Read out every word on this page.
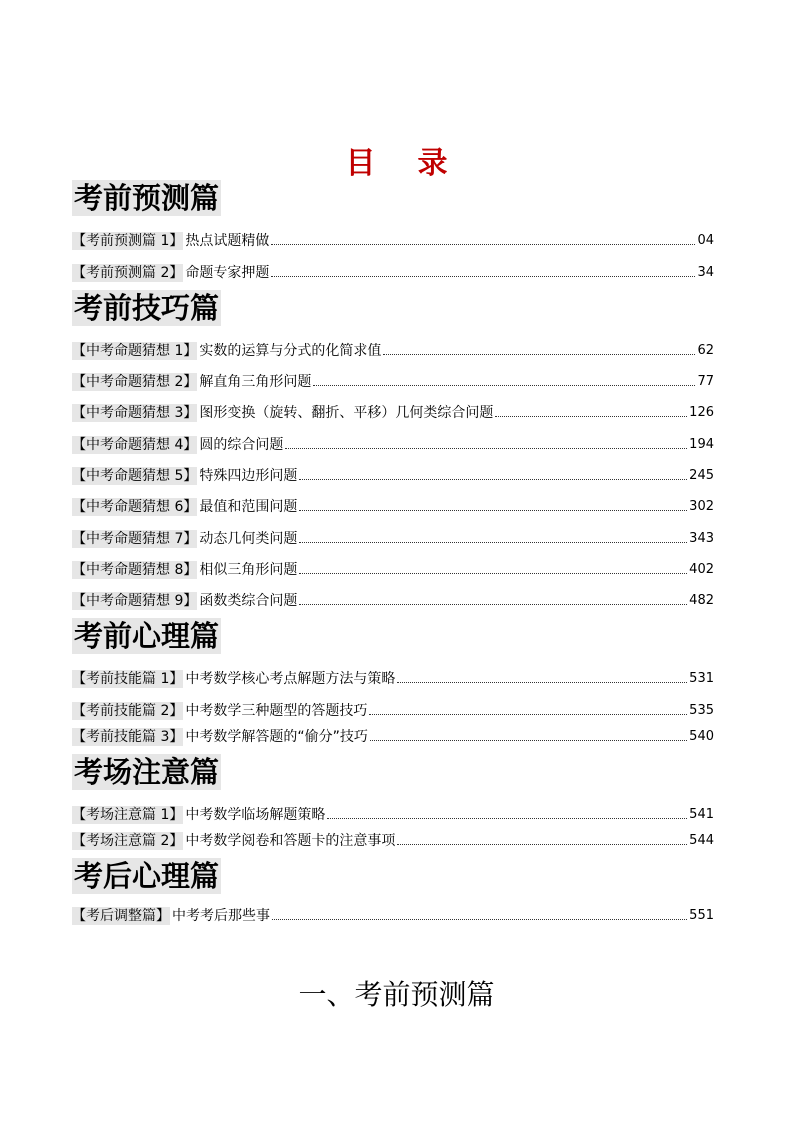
目 录
考前预测篇
【考前预测篇 1】 热点试题精做	04
【考前预测篇 2】 命题专家押题	34
考前技巧篇
【中考命题猜想 1】 实数的运算与分式的化简求值	62
【中考命题猜想 2】 解直角三角形问题	77
【中考命题猜想 3】 图形变换（旋转、翻折、平移）几何类综合问题	126
【中考命题猜想 4】 圆的综合问题	194
【中考命题猜想 5】 特殊四边形问题	245
【中考命题猜想 6】 最值和范围问题	302
【中考命题猜想 7】 动态几何类问题	343
【中考命题猜想 8】 相似三角形问题	402
【中考命题猜想 9】 函数类综合问题	482
考前心理篇
【考前技能篇 1】 中考数学核心考点解题方法与策略	531
【考前技能篇 2】 中考数学三种题型的答题技巧	535
【考前技能篇 3】 中考数学解答题的“偷分”技巧	540
考场注意篇
【考场注意篇 1】 中考数学临场解题策略	541
【考场注意篇 2】 中考数学阅卷和答题卡的注意事项	544
考后心理篇
【考后调整篇】 中考考后那些事	551
一、考前预测篇
